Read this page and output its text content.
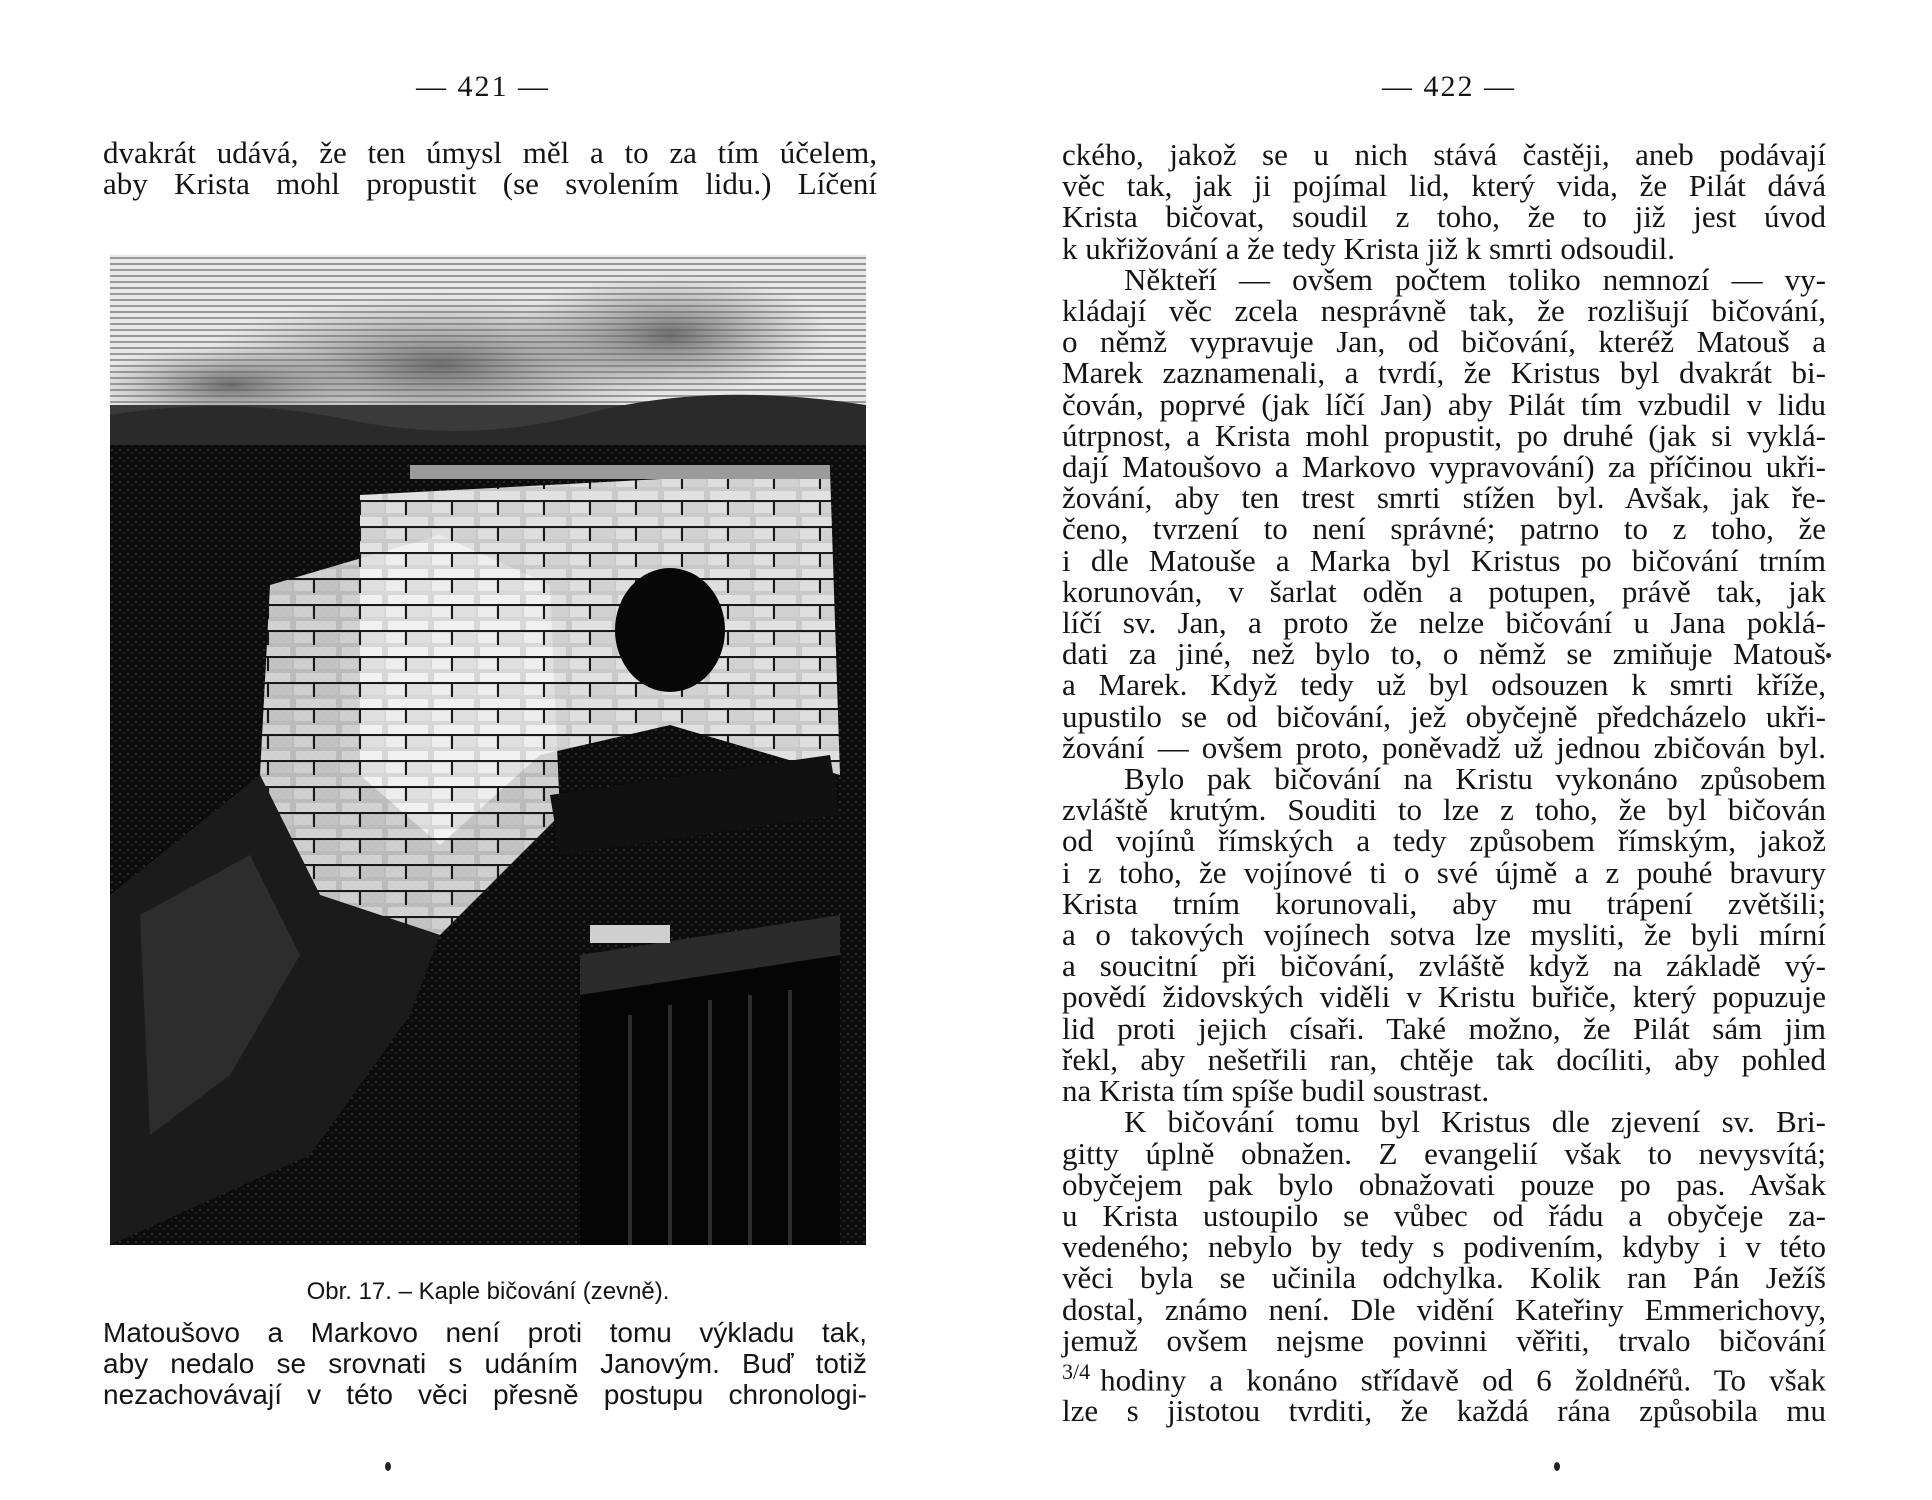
— 421 —
dvakrát udává, že ten úmysl měl a to za tím účelem,
aby Krista mohl propustit (se svolením lidu.) Líčení
Obr. 17. – Kaple bičování (zevně).
Matoušovo a Markovo není proti tomu výkladu tak,
aby nedalo se srovnati s udáním Janovým. Buď totiž
nezachovávají v této věci přesně postupu chronologi-
— 422 —
ckého, jakož se u nich stává častěji, aneb podávají
věc tak, jak ji pojímal lid, který vida, že Pilát dává
Krista bičovat, soudil z toho, že to již jest úvod
k ukřižování a že tedy Krista již k smrti odsoudil.
Někteří — ovšem počtem toliko nemnozí — vy-
kládají věc zcela nesprávně tak, že rozlišují bičování,
o němž vypravuje Jan, od bičování, kteréž Matouš a
Marek zaznamenali, a tvrdí, že Kristus byl dvakrát bi-
čován, poprvé (jak líčí Jan) aby Pilát tím vzbudil v lidu
útrpnost, a Krista mohl propustit, po druhé (jak si vyklá-
dají Matoušovo a Markovo vypravování) za příčinou ukři-
žování, aby ten trest smrti stížen byl. Avšak, jak ře-
čeno, tvrzení to není správné; patrno to z toho, že
i dle Matouše a Marka byl Kristus po bičování trním
korunován, v šarlat oděn a potupen, právě tak, jak
líčí sv. Jan, a proto že nelze bičování u Jana poklá-
dati za jiné, než bylo to, o němž se zmiňuje Matouš
a Marek. Když tedy už byl odsouzen k smrti kříže,
upustilo se od bičování, jež obyčejně předcházelo ukři-
žování — ovšem proto, poněvadž už jednou zbičován byl.
Bylo pak bičování na Kristu vykonáno způsobem
zvláště krutým. Souditi to lze z toho, že byl bičován
od vojínů římských a tedy způsobem římským, jakož
i z toho, že vojínové ti o své újmě a z pouhé bravury
Krista trním korunovali, aby mu trápení zvětšili;
a o takových vojínech sotva lze mysliti, že byli mírní
a soucitní při bičování, zvláště když na základě vý-
povědí židovských viděli v Kristu buřiče, který popuzuje
lid proti jejich císaři. Také možno, že Pilát sám jim
řekl, aby nešetřili ran, chtěje tak docíliti, aby pohled
na Krista tím spíše budil soustrast.
K bičování tomu byl Kristus dle zjevení sv. Bri-
gitty úplně obnažen. Z evangelií však to nevysvítá;
obyčejem pak bylo obnažovati pouze po pas. Avšak
u Krista ustoupilo se vůbec od řádu a obyčeje za-
vedeného; nebylo by tedy s podivením, kdyby i v této
věci byla se učinila odchylka. Kolik ran Pán Ježíš
dostal, známo není. Dle vidění Kateřiny Emmerichovy,
jemuž ovšem nejsme povinni věřiti, trvalo bičování
$^{3/4}$ hodiny a konáno střídavě od 6 žoldnéřů. To však
lze s jistotou tvrditi, že každá rána způsobila mu
